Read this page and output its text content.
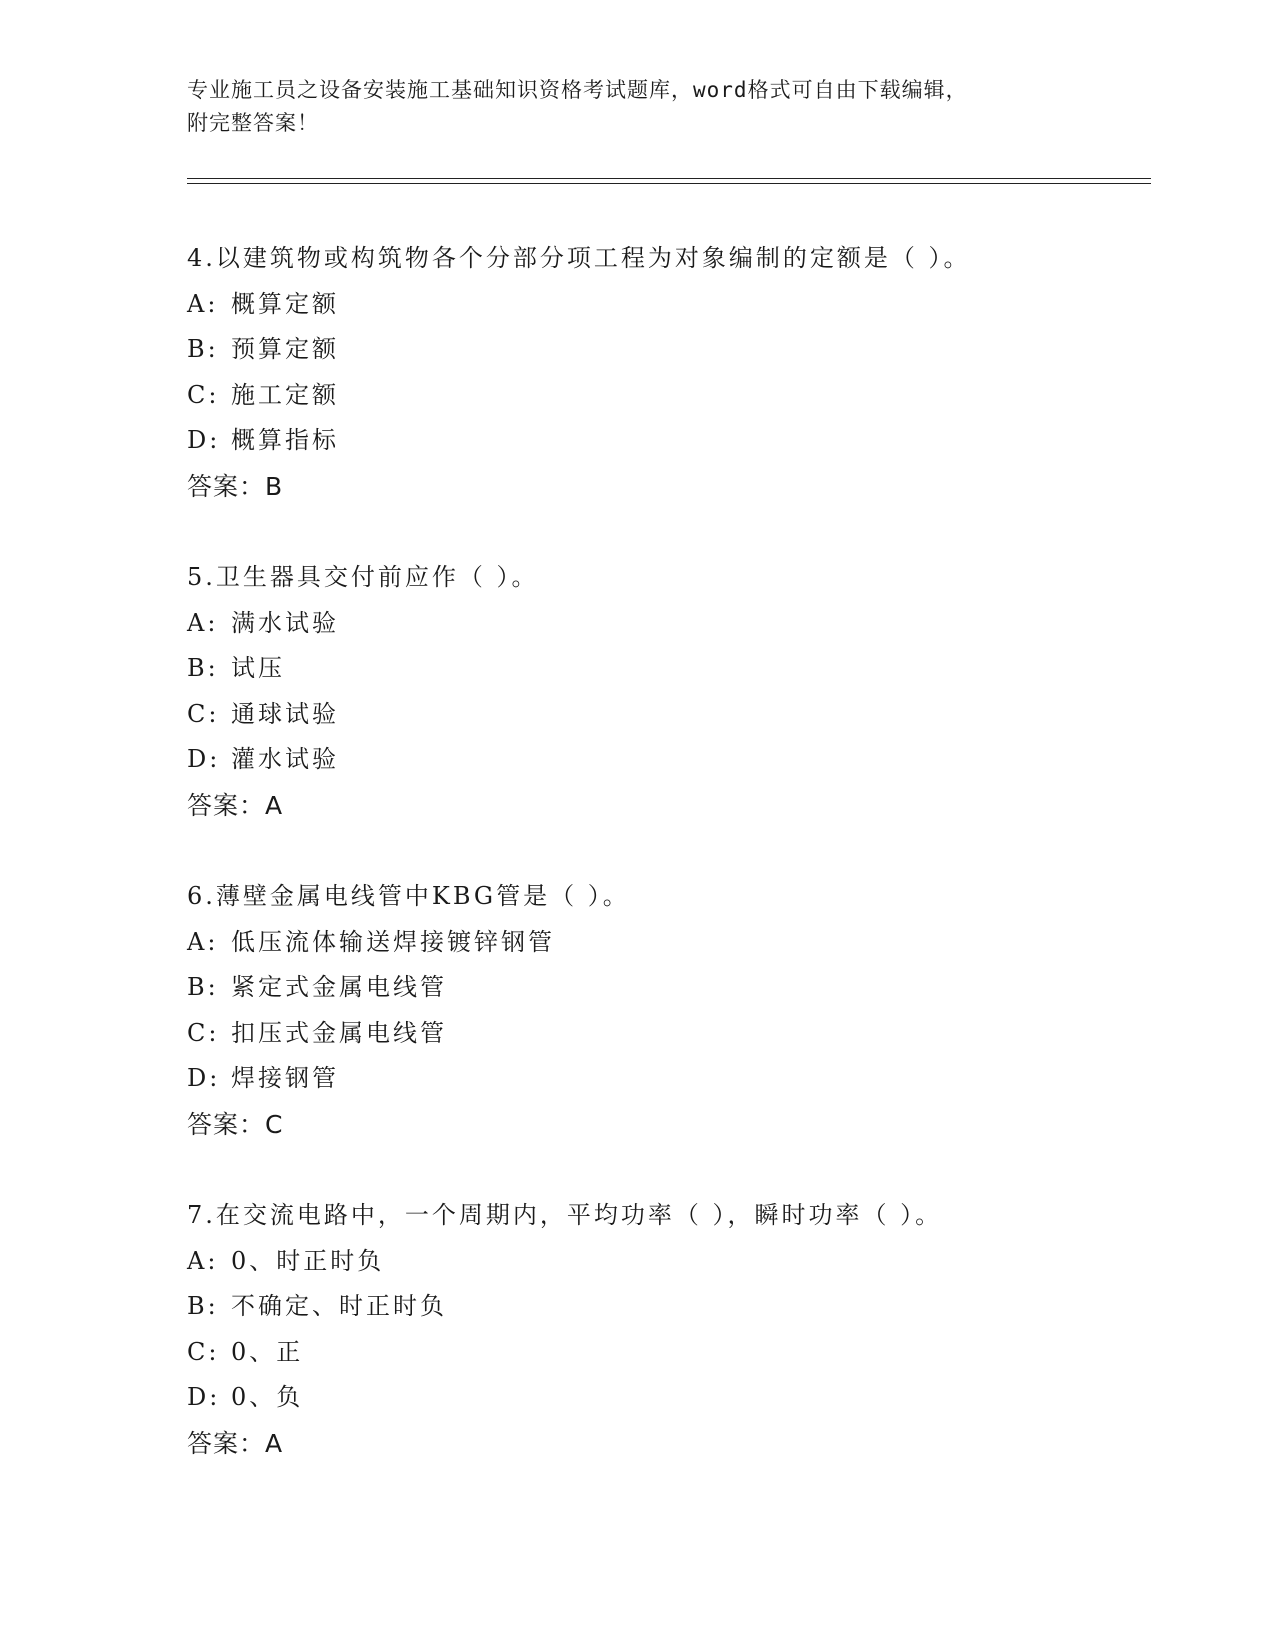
专业施工员之设备安装施工基础知识资格考试题库，word格式可自由下载编辑，
附完整答案！
4.以建筑物或构筑物各个分部分项工程为对象编制的定额是（ ）。
A: 概算定额
B: 预算定额
C: 施工定额
D: 概算指标
答案：B
5.卫生器具交付前应作（ ）。
A: 满水试验
B: 试压
C: 通球试验
D: 灌水试验
答案：A
6.薄壁金属电线管中KBG管是（ ）。
A: 低压流体输送焊接镀锌钢管
B: 紧定式金属电线管
C: 扣压式金属电线管
D: 焊接钢管
答案：C
7.在交流电路中，一个周期内，平均功率（ ），瞬时功率（ ）。
A: 0、时正时负
B: 不确定、时正时负
C: 0、正
D: 0、负
答案：A
